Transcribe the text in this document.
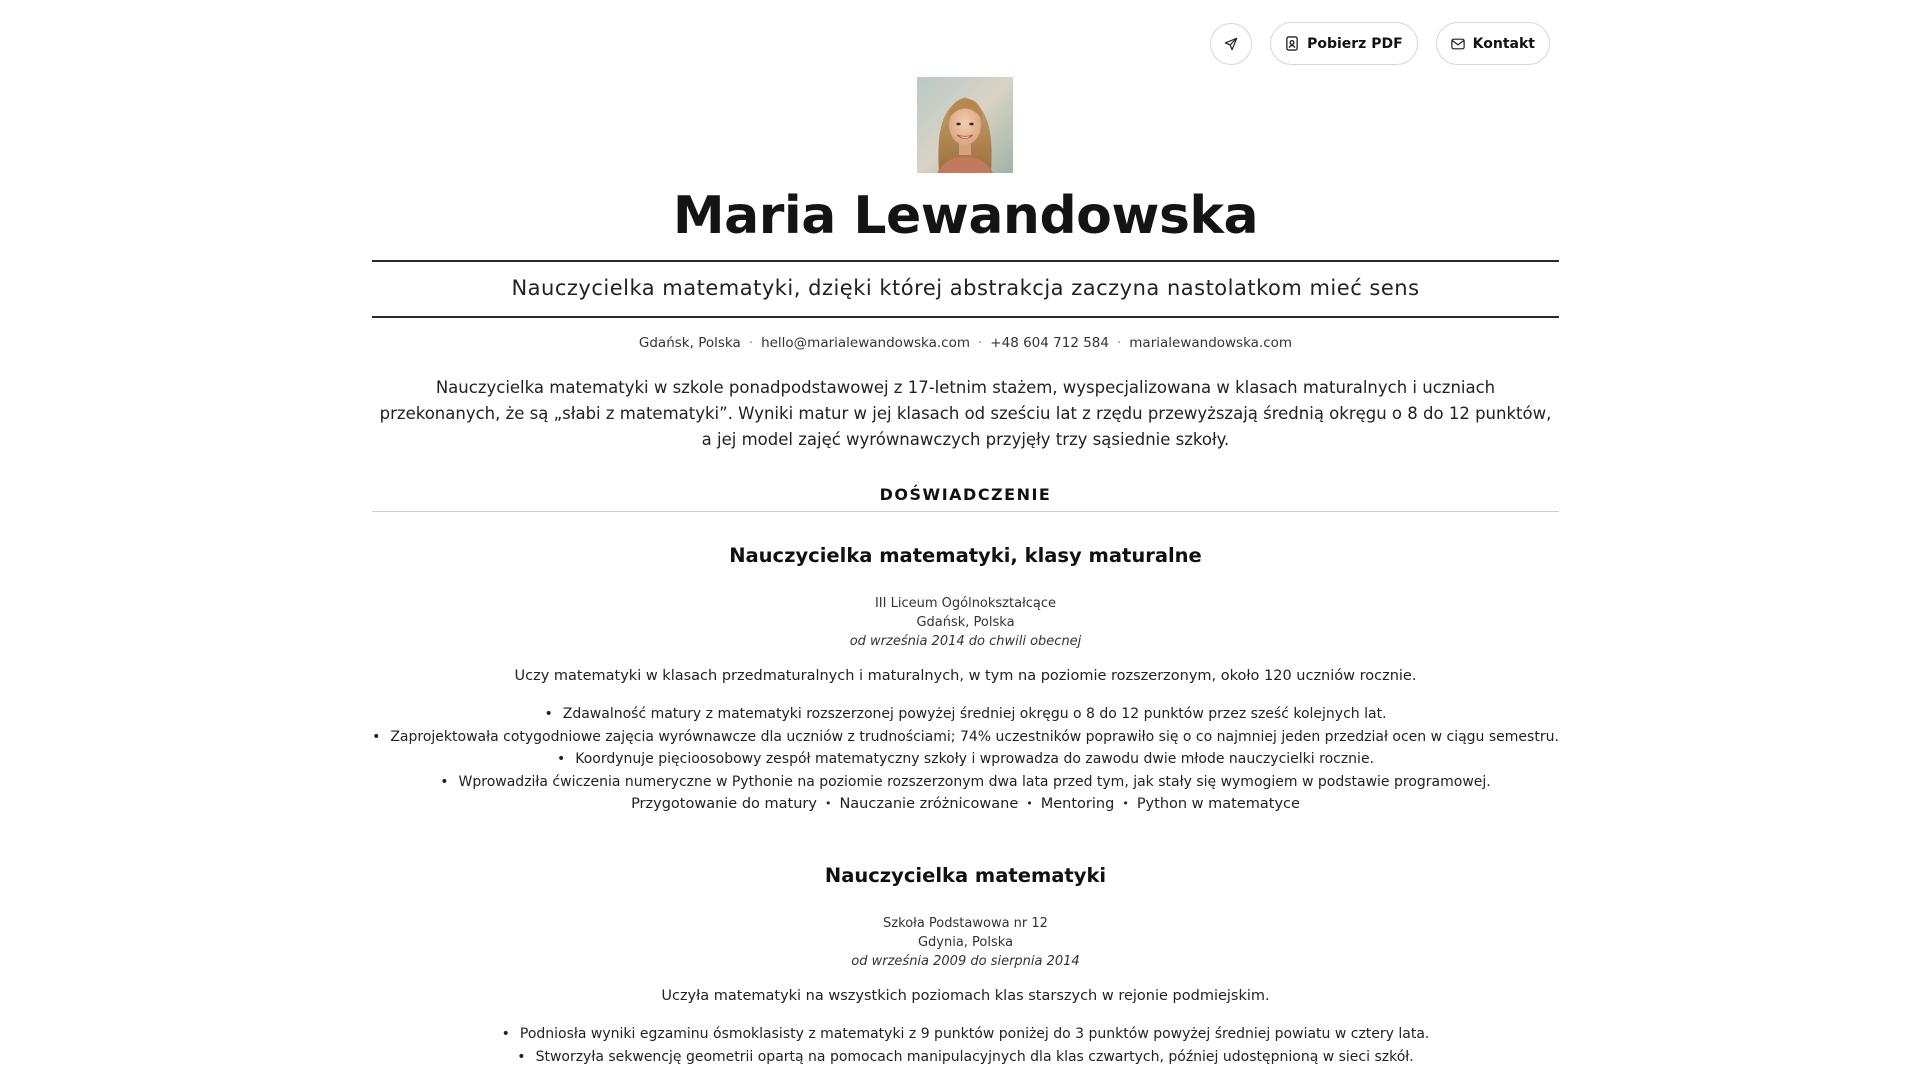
Pobierz PDF	Kontakt
Maria Lewandowska
Nauczycielka matematyki, dzięki której abstrakcja zaczyna nastolatkom mieć sens
Gdańsk, Polska · hello@marialewandowska.com · +48 604 712 584 · marialewandowska.com

Nauczycielka matematyki w szkole ponadpodstawowej z 17-letnim stażem, wyspecjalizowana w klasach maturalnych i uczniach przekonanych, że są „słabi z matematyki”. Wyniki matur w jej klasach od sześciu lat z rzędu przewyższają średnią okręgu o 8 do 12 punktów, a jej model zajęć wyrównawczych przyjęły trzy sąsiednie szkoły.

DOŚWIADCZENIE
Nauczycielka matematyki, klasy maturalne
III Liceum Ogólnokształcące
Gdańsk, Polska
od września 2014 do chwili obecnej
Uczy matematyki w klasach przedmaturalnych i maturalnych, w tym na poziomie rozszerzonym, około 120 uczniów rocznie.
• Zdawalność matury z matematyki rozszerzonej powyżej średniej okręgu o 8 do 12 punktów przez sześć kolejnych lat.
• Zaprojektowała cotygodniowe zajęcia wyrównawcze dla uczniów z trudnościami; 74% uczestników poprawiło się o co najmniej jeden przedział ocen w ciągu semestru.
• Koordynuje pięcioosobowy zespół matematyczny szkoły i wprowadza do zawodu dwie młode nauczycielki rocznie.
• Wprowadziła ćwiczenia numeryczne w Pythonie na poziomie rozszerzonym dwa lata przed tym, jak stały się wymogiem w podstawie programowej.
Przygotowanie do matury • Nauczanie zróżnicowane • Mentoring • Python w matematyce
Nauczycielka matematyki
Szkoła Podstawowa nr 12
Gdynia, Polska
od września 2009 do sierpnia 2014
Uczyła matematyki na wszystkich poziomach klas starszych w rejonie podmiejskim.
• Podniosła wyniki egzaminu ósmoklasisty z matematyki z 9 punktów poniżej do 3 punktów powyżej średniej powiatu w cztery lata.
• Stworzyła sekwencję geometrii opartą na pomocach manipulacyjnych dla klas czwartych, później udostępnioną w sieci szkół.
